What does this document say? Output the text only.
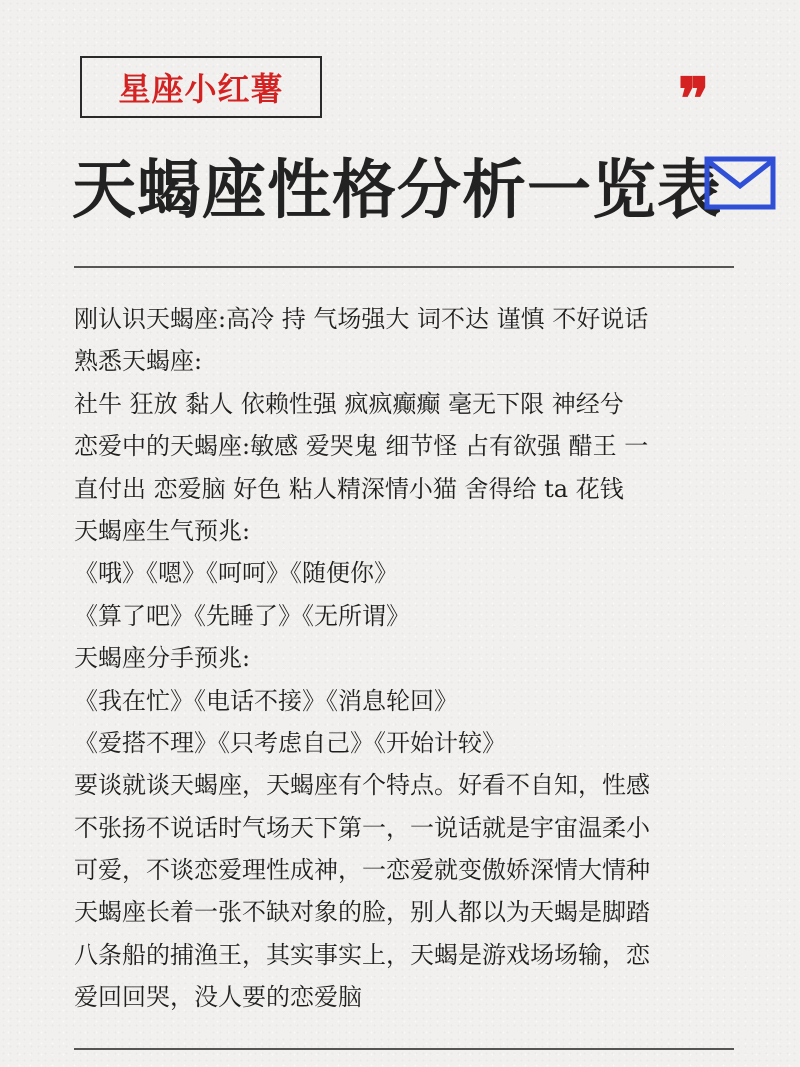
星座小红薯	❞
天蝎座性格分析一览表
刚认识天蝎座:高冷 持 气场强大 词不达 谨慎 不好说话
熟悉天蝎座:
社牛 狂放 黏人 依赖性强 疯疯癫癫 毫无下限 神经兮
恋爱中的天蝎座:敏感 爱哭鬼 细节怪 占有欲强 醋王 一
直付出 恋爱脑 好色 粘人精深情小猫 舍得给 ta 花钱
天蝎座生气预兆:
《哦》《嗯》《呵呵》《随便你》
《算了吧》《先睡了》《无所谓》
天蝎座分手预兆:
《我在忙》《电话不接》《消息轮回》
《爱搭不理》《只考虑自己》《开始计较》
要谈就谈天蝎座，天蝎座有个特点。好看不自知，性感
不张扬不说话时气场天下第一，一说话就是宇宙温柔小
可爱，不谈恋爱理性成神，一恋爱就变傲娇深情大情种
天蝎座长着一张不缺对象的脸，别人都以为天蝎是脚踏
八条船的捕渔王，其实事实上，天蝎是游戏场场输，恋
爱回回哭，没人要的恋爱脑
